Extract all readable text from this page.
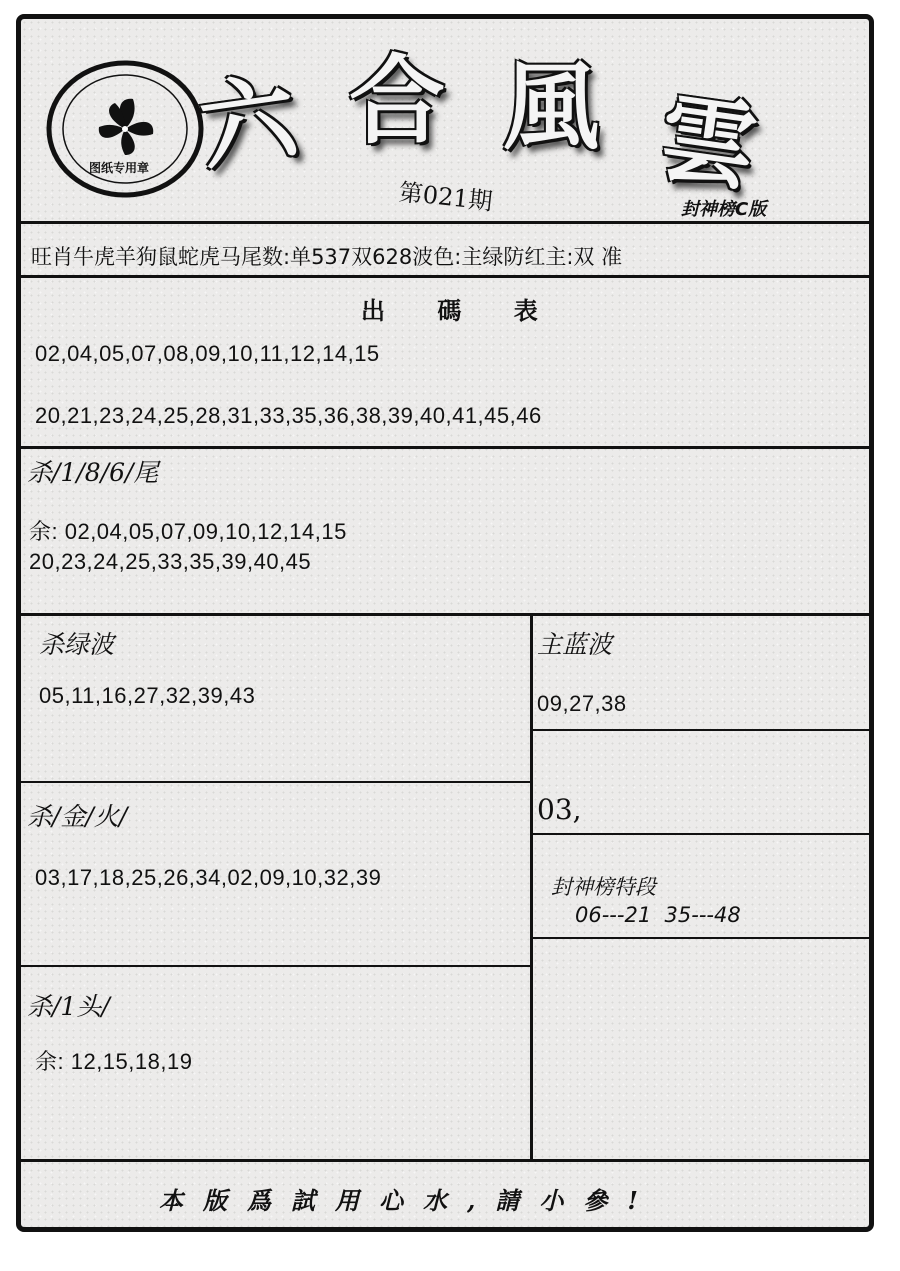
图纸专用章 六 合 風 雲
第021期	封神榜C版
旺肖牛虎羊狗鼠蛇虎马尾数:单537双628波色:主绿防红主:双 准
出 碼 表
02,04,05,07,08,09,10,11,12,14,15
20,21,23,24,25,28,31,33,35,36,38,39,40,41,45,46
杀/1/8/6/尾
余: 02,04,05,07,09,10,12,14,15
20,23,24,25,33,35,39,40,45
杀绿波
05,11,16,27,32,39,43
杀/金/火/
03,17,18,25,26,34,02,09,10,32,39
杀/1头/
余: 12,15,18,19
主蓝波
09,27,38
03,
封神榜特段
06---21  35---48
本版爲試用心水,請小參!
